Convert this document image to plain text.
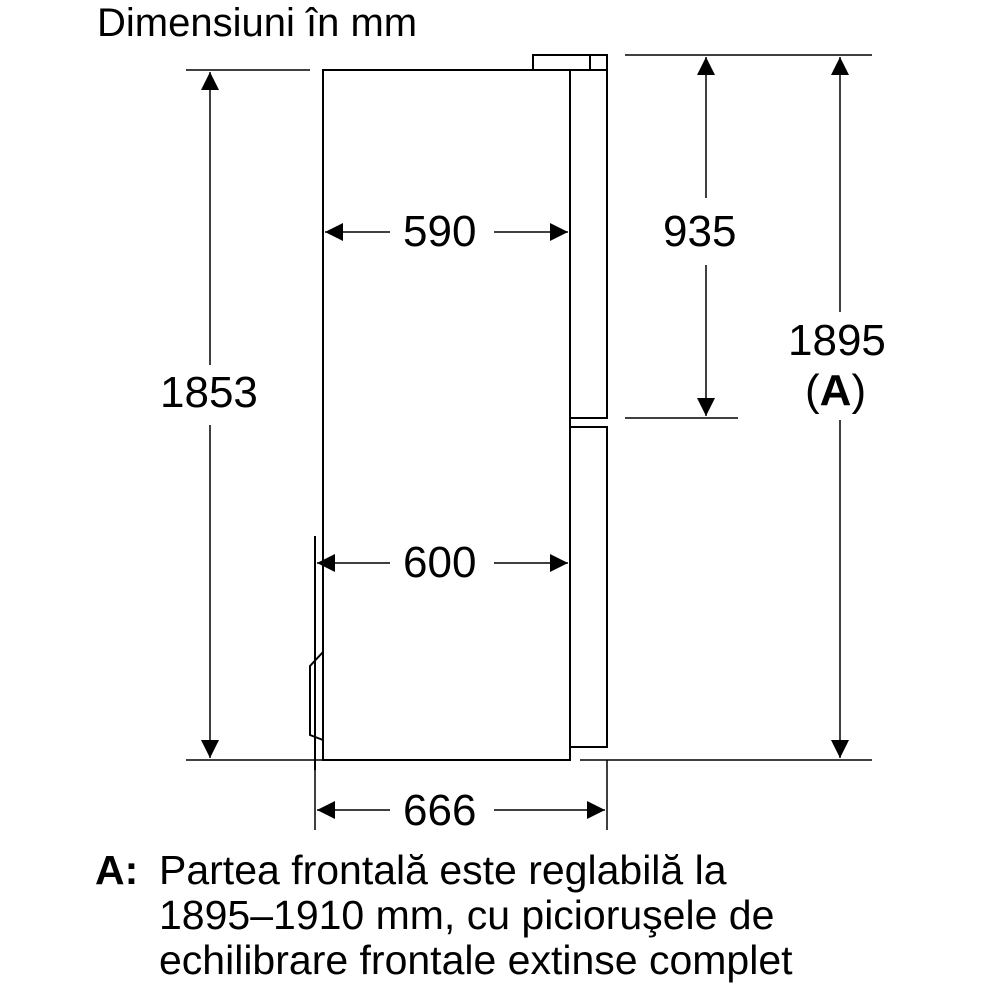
Dimensiuni în mm
1853
590	935
1895
(A)
600
666
A: Partea frontală este reglabilă la
1895–1910 mm, cu picioruşele de
echilibrare frontale extinse complet
